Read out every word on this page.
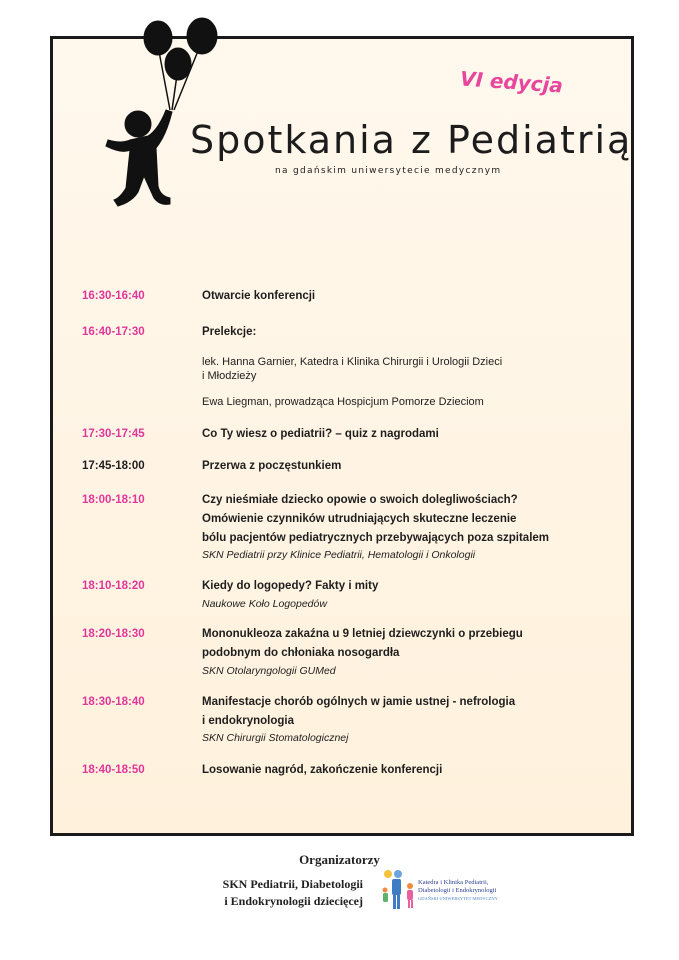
VI edycja
Spotkania z Pediatrią
na gdańskim uniwersytecie medycznym
16:30-16:40	Otwarcie konferencji
16:40-17:30	Prelekcje:
lek. Hanna Garnier, Katedra i Klinika Chirurgii i Urologii Dzieci
i Młodzieży
Ewa Liegman, prowadząca Hospicjum Pomorze Dzieciom
17:30-17:45	Co Ty wiesz o pediatrii? – quiz z nagrodami
17:45-18:00	Przerwa z poczęstunkiem
18:00-18:10	Czy nieśmiałe dziecko opowie o swoich dolegliwościach?
Omówienie czynników utrudniających skuteczne leczenie
bólu pacjentów pediatrycznych przebywających poza szpitalem
SKN Pediatrii przy Klinice Pediatrii, Hematologii i Onkologii
18:10-18:20	Kiedy do logopedy? Fakty i mity
Naukowe Koło Logopedów
18:20-18:30	Mononukleoza zakaźna u 9 letniej dziewczynki o przebiegu
podobnym do chłoniaka nosogardła
SKN Otolaryngologii GUMed
18:30-18:40	Manifestacje chorób ogólnych w jamie ustnej - nefrologia
i endokrynologia
SKN Chirurgii Stomatologicznej
18:40-18:50	Losowanie nagród, zakończenie konferencji
Organizatorzy
SKN Pediatrii, Diabetologii
i Endokrynologii dziecięcej
Katedra i Klinika Pediatrii,
Diabetologii i Endokrynologii
GDAŃSKI UNIWERSYTET MEDYCZNY
